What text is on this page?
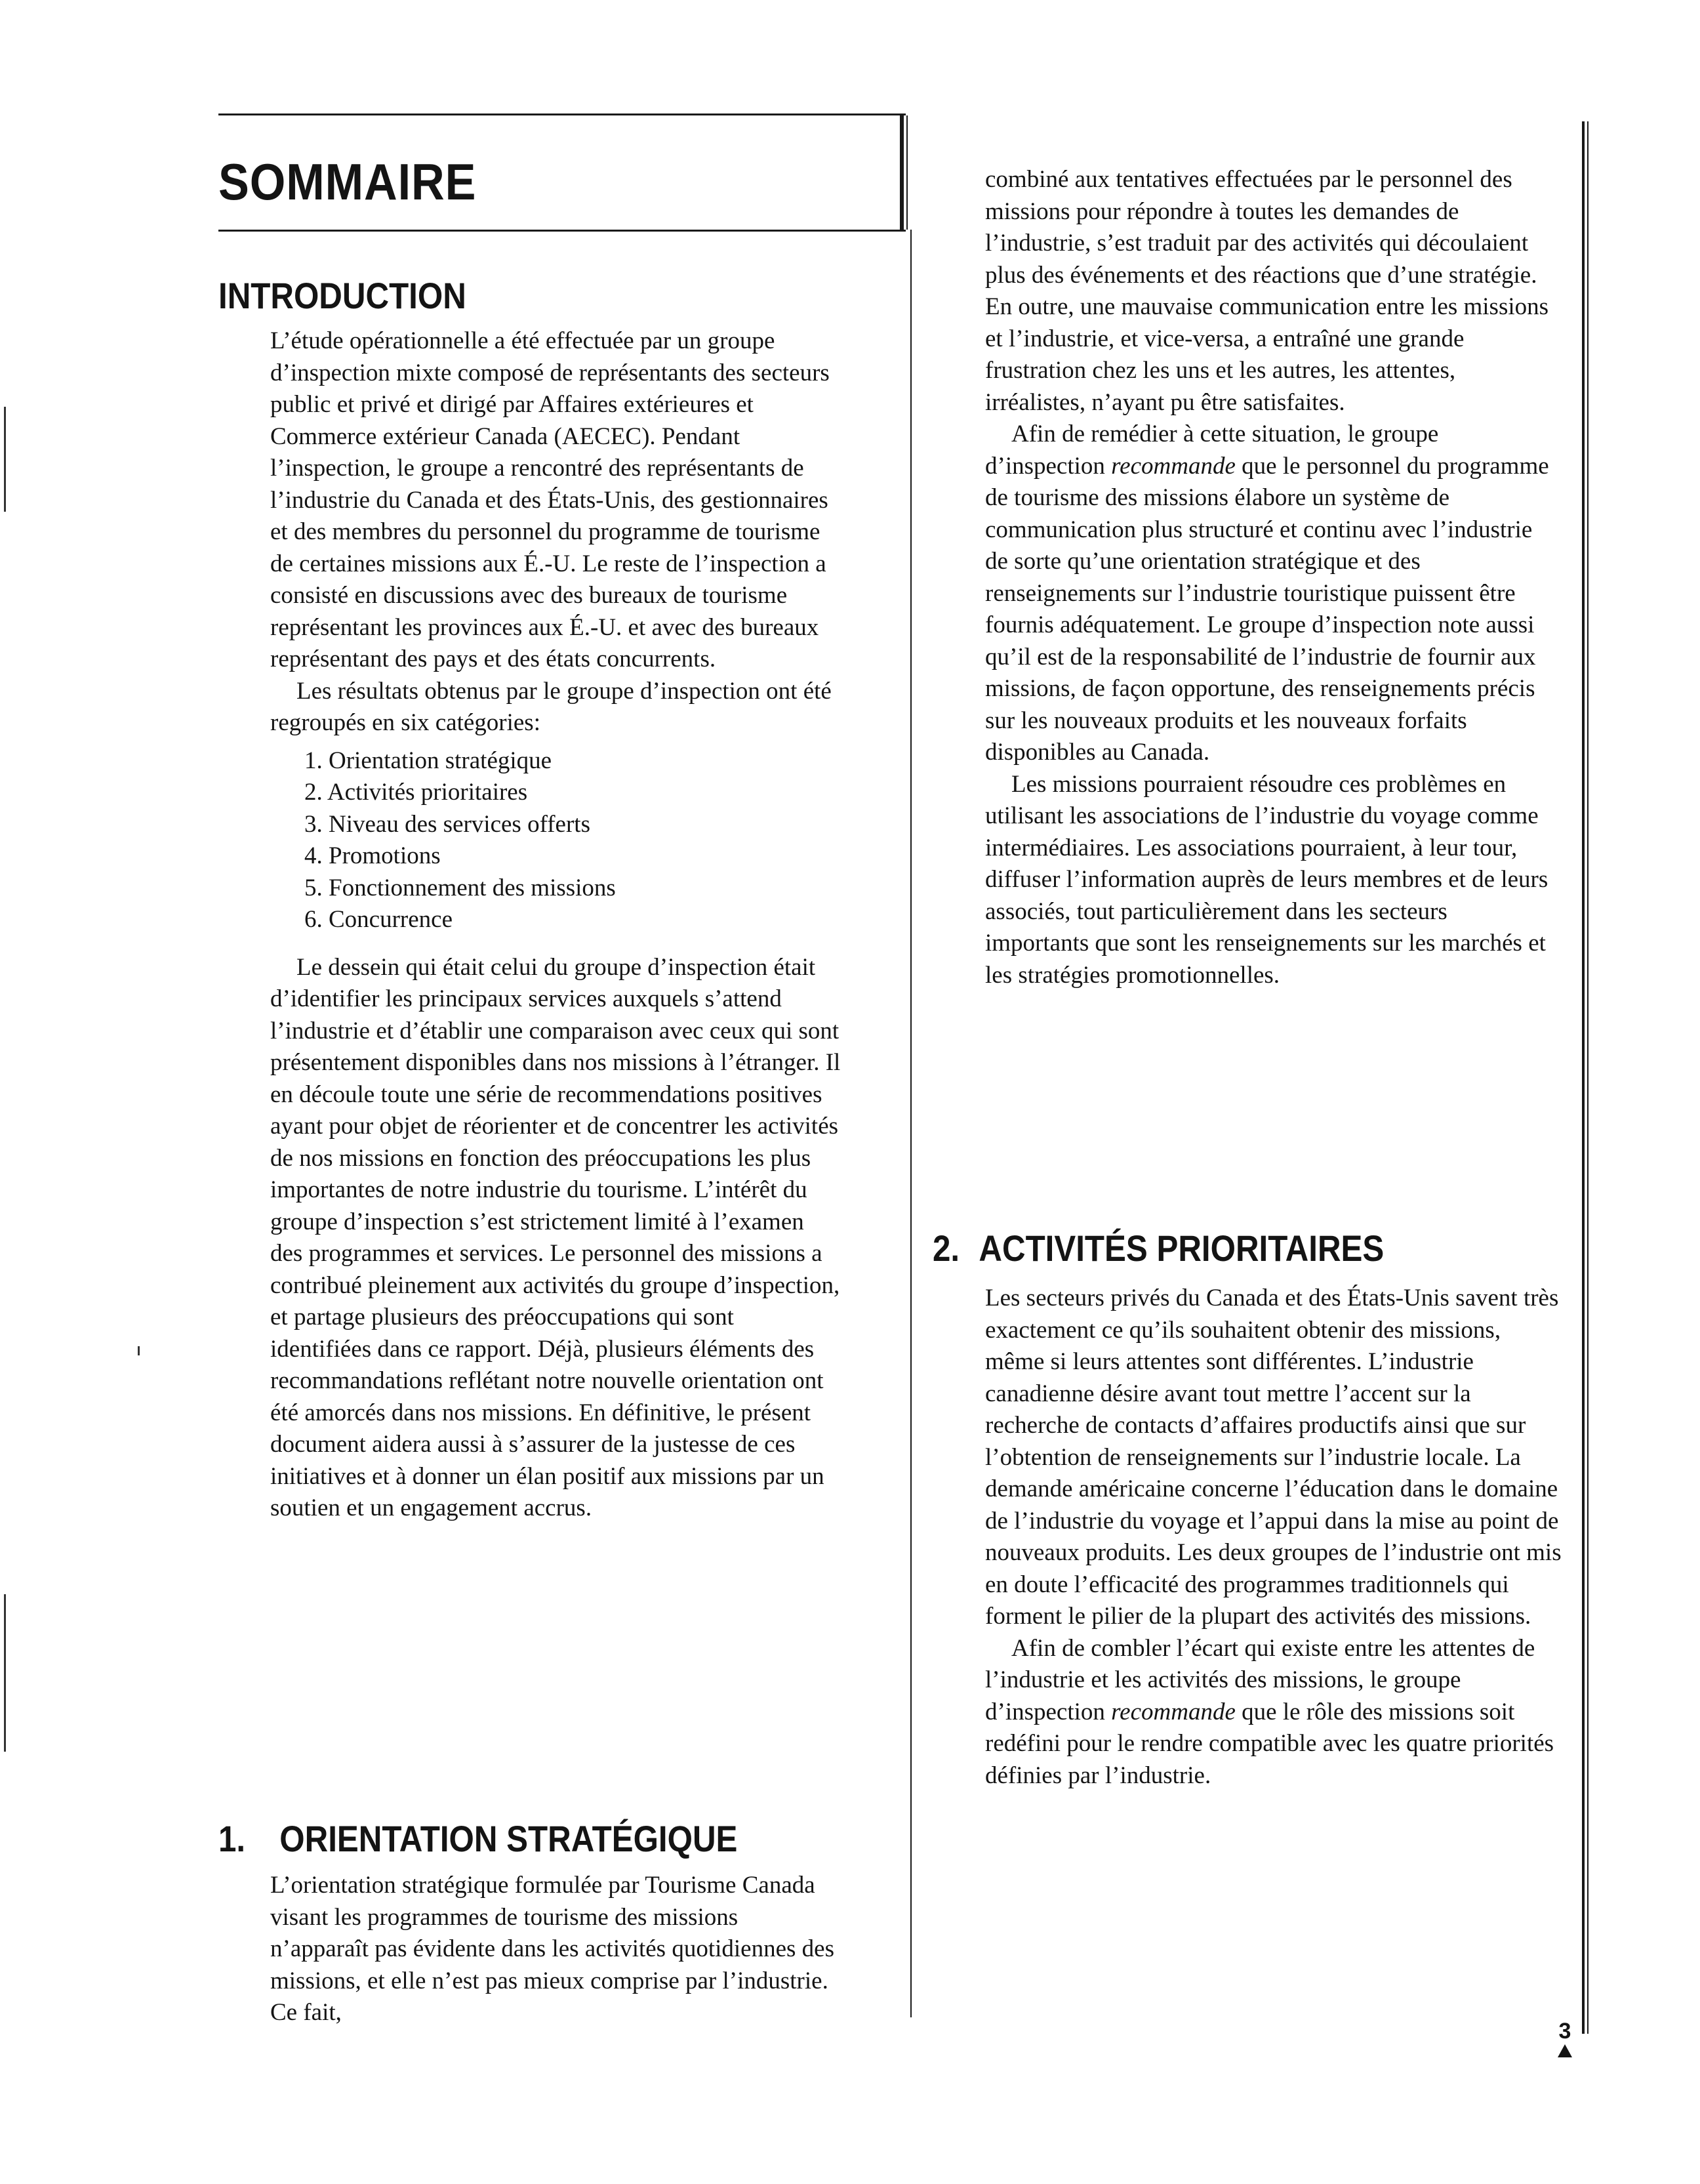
SOMMAIRE
INTRODUCTION

L’étude opérationnelle a été effectuée par un groupe d’inspection mixte composé de représentants des secteurs public et privé et dirigé par Affaires extérieures et Commerce extérieur Canada (AECEC). Pendant l’inspection, le groupe a rencontré des représentants de l’industrie du Canada et des États-Unis, des gestionnaires et des membres du personnel du programme de tourisme de certaines missions aux É.-U. Le reste de l’inspection a consisté en discussions avec des bureaux de tourisme représentant les provinces aux É.-U. et avec des bureaux représentant des pays et des états concurrents.

Les résultats obtenus par le groupe d’inspection ont été regroupés en six catégories:

1. Orientation stratégique
2. Activités prioritaires
3. Niveau des services offerts
4. Promotions
5. Fonctionnement des missions
6. Concurrence

Le dessein qui était celui du groupe d’inspection était d’identifier les principaux services auxquels s’attend l’industrie et d’établir une comparaison avec ceux qui sont présentement disponibles dans nos missions à l’étranger. Il en découle toute une série de recommendations positives ayant pour objet de réorienter et de concentrer les activités de nos missions en fonction des préoccupations les plus importantes de notre industrie du tourisme. L’intérêt du groupe d’inspection s’est strictement limité à l’examen des programmes et services. Le personnel des missions a contribué pleinement aux activités du groupe d’inspection, et partage plusieurs des préoccupations qui sont identifiées dans ce rapport. Déjà, plusieurs éléments des recommandations reflétant notre nouvelle orientation ont été amorcés dans nos missions. En définitive, le présent document aidera aussi à s’assurer de la justesse de ces initiatives et à donner un élan positif aux missions par un soutien et un engagement accrus.

1. ORIENTATION STRATÉGIQUE

L’orientation stratégique formulée par Tourisme Canada visant les programmes de tourisme des missions n’apparaît pas évidente dans les activités quotidiennes des missions, et elle n’est pas mieux comprise par l’industrie. Ce fait,

combiné aux tentatives effectuées par le personnel des missions pour répondre à toutes les demandes de l’industrie, s’est traduit par des activités qui découlaient plus des événements et des réactions que d’une stratégie. En outre, une mauvaise communication entre les missions et l’industrie, et vice-versa, a entraîné une grande frustration chez les uns et les autres, les attentes, irréalistes, n’ayant pu être satisfaites.

Afin de remédier à cette situation, le groupe d’inspection recommande que le personnel du programme de tourisme des missions élabore un système de communication plus structuré et continu avec l’industrie de sorte qu’une orientation stratégique et des renseignements sur l’industrie touristique puissent être fournis adéquatement. Le groupe d’inspection note aussi qu’il est de la responsabilité de l’industrie de fournir aux missions, de façon opportune, des renseignements précis sur les nouveaux produits et les nouveaux forfaits disponibles au Canada.

Les missions pourraient résoudre ces problèmes en utilisant les associations de l’industrie du voyage comme intermédiaires. Les associations pourraient, à leur tour, diffuser l’information auprès de leurs membres et de leurs associés, tout particulièrement dans les secteurs importants que sont les renseignements sur les marchés et les stratégies promotionnelles.

2. ACTIVITÉS PRIORITAIRES

Les secteurs privés du Canada et des États-Unis savent très exactement ce qu’ils souhaitent obtenir des missions, même si leurs attentes sont différentes. L’industrie canadienne désire avant tout mettre l’accent sur la recherche de contacts d’affaires productifs ainsi que sur l’obtention de renseignements sur l’industrie locale. La demande américaine concerne l’éducation dans le domaine de l’industrie du voyage et l’appui dans la mise au point de nouveaux produits. Les deux groupes de l’industrie ont mis en doute l’efficacité des programmes traditionnels qui forment le pilier de la plupart des activités des missions.

Afin de combler l’écart qui existe entre les attentes de l’industrie et les activités des missions, le groupe d’inspection recommande que le rôle des missions soit redéfini pour le rendre compatible avec les quatre priorités définies par l’industrie.

3
